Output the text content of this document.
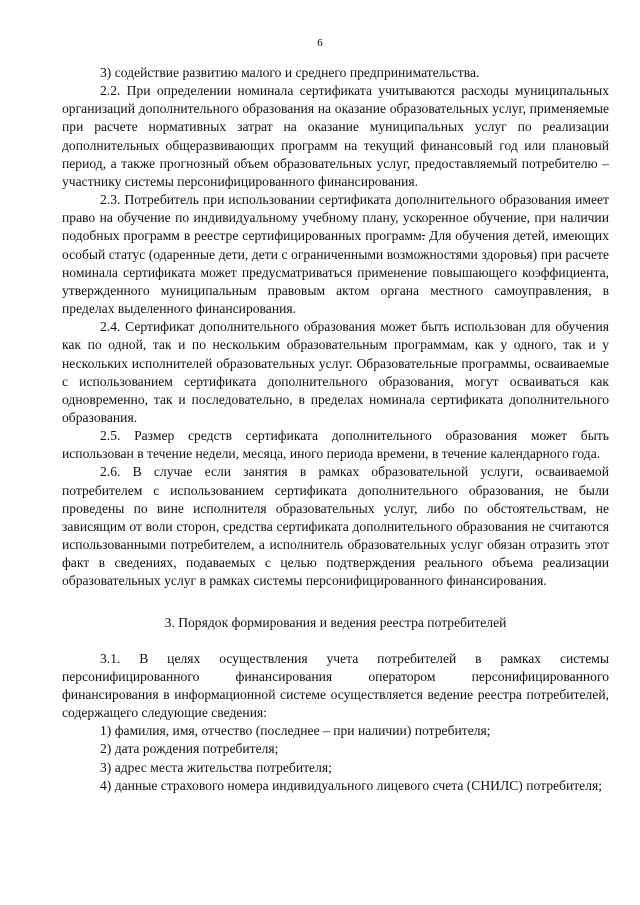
6

3) содействие развитию малого и среднего предпринимательства.

2.2. При определении номинала сертификата учитываются расходы муниципальных организаций дополнительного образования на оказание образовательных услуг, применяемые при расчете нормативных затрат на оказание муниципальных услуг по реализации дополнительных общеразвивающих программ на текущий финансовый год или плановый период, а также прогнозный объем образовательных услуг, предоставляемый потребителю – участнику системы персонифицированного финансирования.

2.3. Потребитель при использовании сертификата дополнительного образования имеет право на обучение по индивидуальному учебному плану, ускоренное обучение, при наличии подобных программ в реестре сертифицированных программ. Для обучения детей, имеющих особый статус (одаренные дети, дети с ограниченными возможностями здоровья) при расчете номинала сертификата может предусматриваться применение повышающего коэффициента, утвержденного муниципальным правовым актом органа местного самоуправления, в пределах выделенного финансирования.

2.4. Сертификат дополнительного образования может быть использован для обучения как по одной, так и по нескольким образовательным программам, как у одного, так и у нескольких исполнителей образовательных услуг. Образовательные программы, осваиваемые с использованием сертификата дополнительного образования, могут осваиваться как одновременно, так и последовательно, в пределах номинала сертификата дополнительного образования.

2.5. Размер средств сертификата дополнительного образования может быть использован в течение недели, месяца, иного периода времени, в течение календарного года.

2.6. В случае если занятия в рамках образовательной услуги, осваиваемой потребителем с использованием сертификата дополнительного образования, не были проведены по вине исполнителя образовательных услуг, либо по обстоятельствам, не зависящим от воли сторон, средства сертификата дополнительного образования не считаются использованными потребителем, а исполнитель образовательных услуг обязан отразить этот факт в сведениях, подаваемых с целью подтверждения реального объема реализации образовательных услуг в рамках системы персонифицированного финансирования.

3. Порядок формирования и ведения реестра потребителей

3.1. В целях осуществления учета потребителей в рамках системы персонифицированного финансирования оператором персонифицированного финансирования в информационной системе осуществляется ведение реестра потребителей, содержащего следующие сведения:

1) фамилия, имя, отчество (последнее – при наличии) потребителя;

2) дата рождения потребителя;

3) адрес места жительства потребителя;

4) данные страхового номера индивидуального лицевого счета (СНИЛС) потребителя;
